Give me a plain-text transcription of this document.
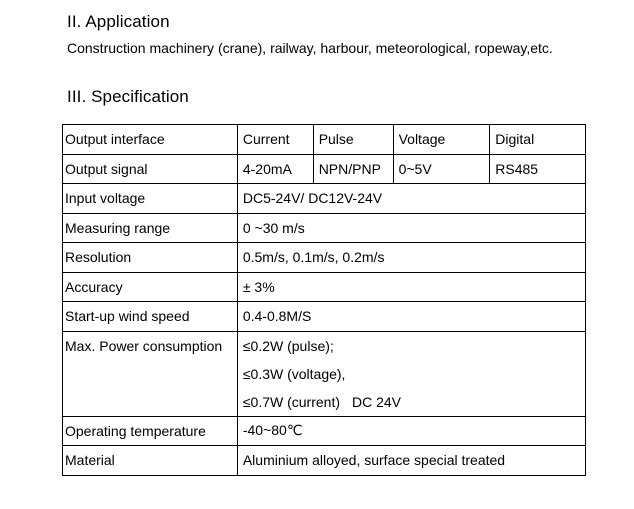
II. Application

Construction machinery (crane), railway, harbour, meteorological, ropeway,etc.

III. Specification
Output interface	Current	Pulse	Voltage	Digital
Output signal	4-20mA	NPN/PNP	0~5V	RS485
Input voltage	DC5-24V/ DC12V-24V			
Measuring range	0 ~30 m/s			
Resolution	0.5m/s, 0.1m/s, 0.2m/s			
Accuracy	± 3%			
Start-up wind speed	0.4-0.8M/S			
Max. Power consumption	≤0.2W (pulse);
≤0.3W (voltage),
≤0.7W (current) DC 24V			

Operating temperature	-40~80℃			
Material	Aluminium alloyed, surface special treated			
